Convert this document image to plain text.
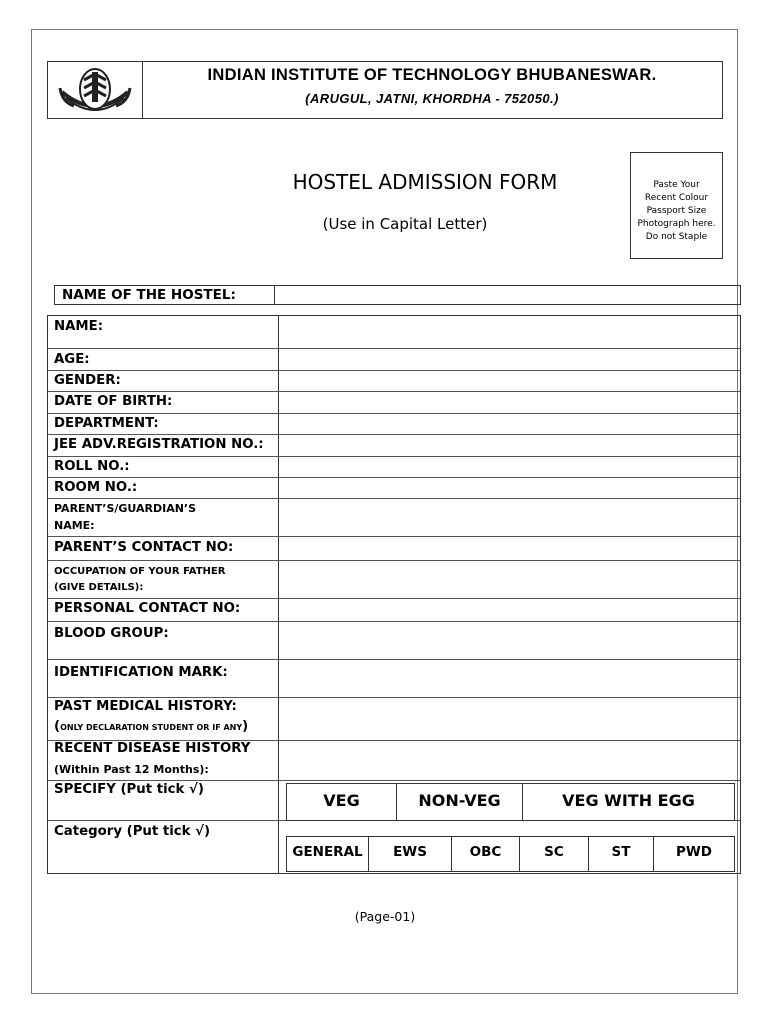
INDIAN INSTITUTE OF TECHNOLOGY BHUBANESWAR.
(ARUGUL, JATNI, KHORDHA - 752050.)
HOSTEL ADMISSION FORM
(Use in Capital Letter)
Paste Your Recent Colour Passport Size Photograph here. Do not Staple
NAME OF THE HOSTEL:
NAME:
AGE:
GENDER:
DATE OF BIRTH:
DEPARTMENT:
JEE ADV.REGISTRATION NO.:
ROLL NO.:
ROOM NO.:
PARENT’S/GUARDIAN’S
NAME:
PARENT’S CONTACT NO:
OCCUPATION OF YOUR FATHER
(GIVE DETAILS):
PERSONAL CONTACT NO:
BLOOD GROUP:
IDENTIFICATION MARK:
PAST MEDICAL HISTORY:
(ONLY DECLARATION STUDENT OR IF ANY)
RECENT DISEASE HISTORY
(Within Past 12 Months):
SPECIFY (Put tick √)
VEG	NON-VEG	VEG WITH EGG
Category (Put tick √)
GENERAL	EWS	OBC	SC	ST	PWD
(Page-01)
